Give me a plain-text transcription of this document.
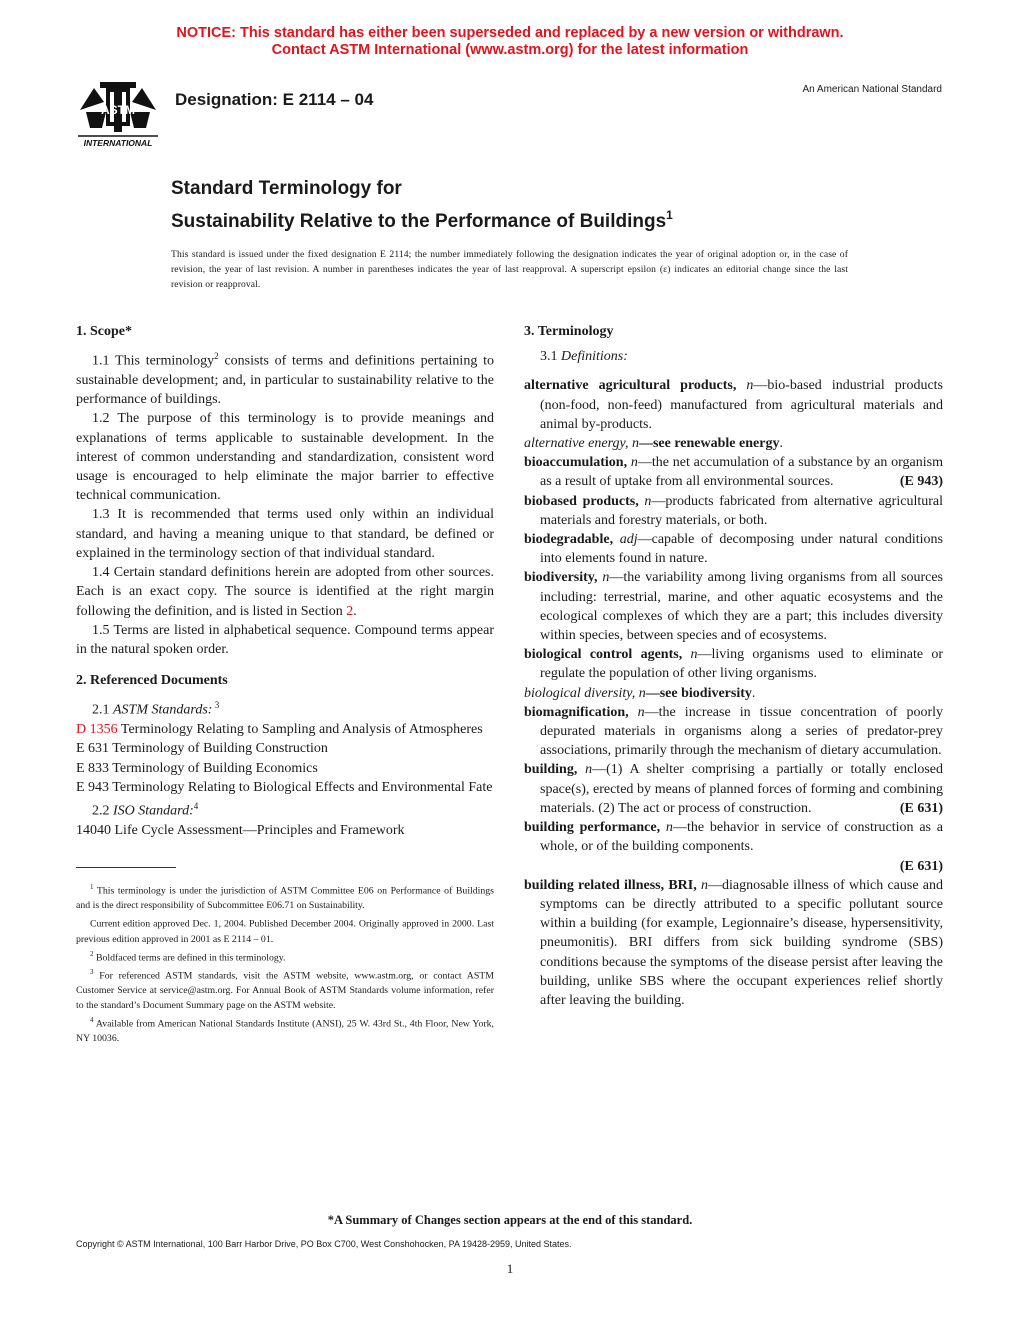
NOTICE: This standard has either been superseded and replaced by a new version or withdrawn.
Contact ASTM International (www.astm.org) for the latest information
ASTM
INTERNATIONAL
Designation: E 2114 – 04
An American National Standard
Standard Terminology for
Sustainability Relative to the Performance of Buildings$^1$
This standard is issued under the fixed designation E 2114; the number immediately following the designation indicates the year of original adoption or, in the case of revision, the year of last revision. A number in parentheses indicates the year of last reapproval. A superscript epsilon (ε) indicates an editorial change since the last revision or reapproval.
1. Scope*

1.1 This terminology$^2$ consists of terms and definitions pertaining to sustainable development; and, in particular to sustainability relative to the performance of buildings.

1.2 The purpose of this terminology is to provide meanings and explanations of terms applicable to sustainable development. In the interest of common understanding and standardization, consistent word usage is encouraged to help eliminate the major barrier to effective technical communication.

1.3 It is recommended that terms used only within an individual standard, and having a meaning unique to that standard, be defined or explained in the terminology section of that individual standard.

1.4 Certain standard definitions herein are adopted from other sources. Each is an exact copy. The source is identified at the right margin following the definition, and is listed in Section 2.

1.5 Terms are listed in alphabetical sequence. Compound terms appear in the natural spoken order.

2. Referenced Documents

2.1 ASTM Standards: $^3$

D 1356 Terminology Relating to Sampling and Analysis of Atmospheres

E 631 Terminology of Building Construction

E 833 Terminology of Building Economics

E 943 Terminology Relating to Biological Effects and Environmental Fate

2.2 ISO Standard:$^4$

14040 Life Cycle Assessment—Principles and Framework

$^1$ This terminology is under the jurisdiction of ASTM Committee E06 on Performance of Buildings and is the direct responsibility of Subcommittee E06.71 on Sustainability.

Current edition approved Dec. 1, 2004. Published December 2004. Originally approved in 2000. Last previous edition approved in 2001 as E 2114 – 01.

$^2$ Boldfaced terms are defined in this terminology.

$^3$ For referenced ASTM standards, visit the ASTM website, www.astm.org, or contact ASTM Customer Service at service@astm.org. For Annual Book of ASTM Standards volume information, refer to the standard’s Document Summary page on the ASTM website.

$^4$ Available from American National Standards Institute (ANSI), 25 W. 43rd St., 4th Floor, New York, NY 10036.

3. Terminology

3.1 Definitions:

alternative agricultural products, n—bio-based industrial products (non-food, non-feed) manufactured from agricultural materials and animal by-products.

alternative energy, n—see renewable energy.

bioaccumulation, n—the net accumulation of a substance by an organism as a result of uptake from all environmental sources.	(E 943)

biobased products, n—products fabricated from alternative agricultural materials and forestry materials, or both.

biodegradable, adj—capable of decomposing under natural conditions into elements found in nature.

biodiversity, n—the variability among living organisms from all sources including: terrestrial, marine, and other aquatic ecosystems and the ecological complexes of which they are a part; this includes diversity within species, between species and of ecosystems.

biological control agents, n—living organisms used to eliminate or regulate the population of other living organisms.

biological diversity, n—see biodiversity.

biomagnification, n—the increase in tissue concentration of poorly depurated materials in organisms along a series of predator-prey associations, primarily through the mechanism of dietary accumulation.

building, n—(1) A shelter comprising a partially or totally enclosed space(s), erected by means of planned forces of forming and combining materials. (2) The act or process of construction.	(E 631)

building performance, n—the behavior in service of construction as a whole, or of the building components.
(E 631)

building related illness, BRI, n—diagnosable illness of which cause and symptoms can be directly attributed to a specific pollutant source within a building (for example, Legionnaire’s disease, hypersensitivity, pneumonitis). BRI differs from sick building syndrome (SBS) conditions because the symptoms of the disease persist after leaving the building, unlike SBS where the occupant experiences relief shortly after leaving the building.

*A Summary of Changes section appears at the end of this standard.
Copyright © ASTM International, 100 Barr Harbor Drive, PO Box C700, West Conshohocken, PA 19428-2959, United States.
1
